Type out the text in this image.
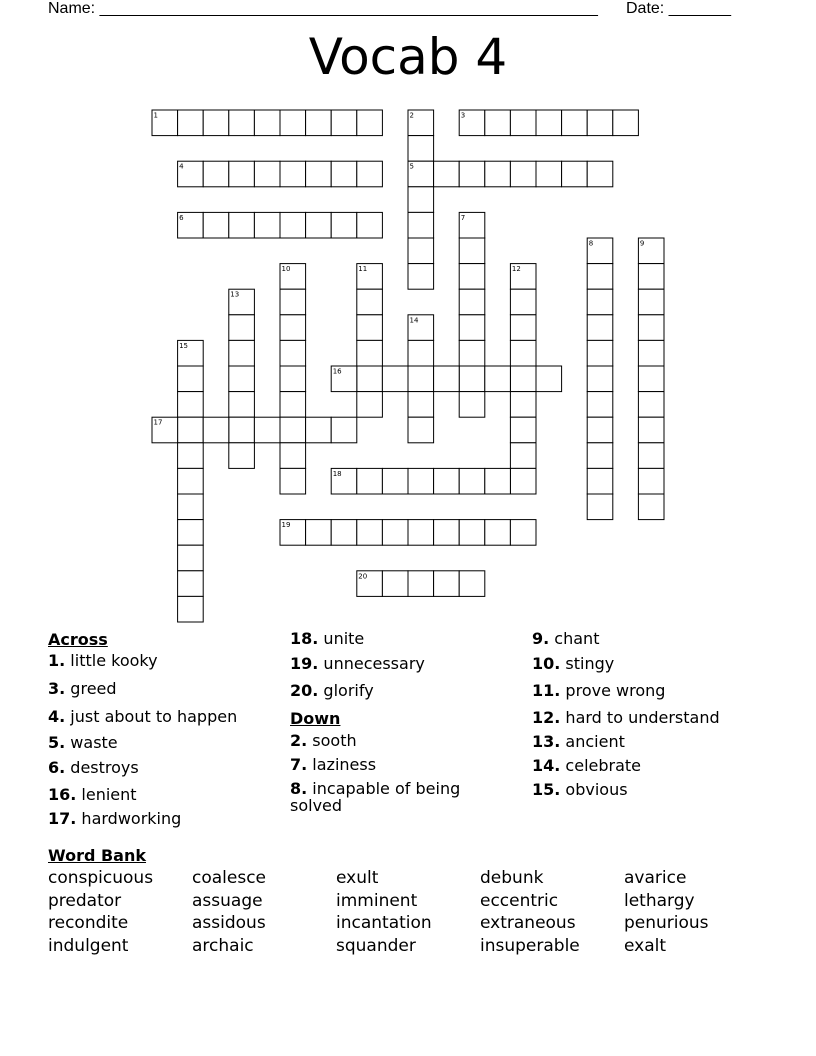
Name: ________________________________________________________ Date: _______
Vocab 4
1	2	3
4	5
6	7
8	9
10	11	12
13
14
15
16
17
18
19
20
Across
1. little kooky
3. greed
4. just about to happen
5. waste
6. destroys
16. lenient
17. hardworking
18. unite
19. unnecessary
20. glorify
Down
2. sooth
7. laziness
8. incapable of being solved
9. chant
10. stingy
11. prove wrong
12. hard to understand
13. ancient
14. celebrate
15. obvious
Word Bank
conspicuous coalesce	exult	debunk	avarice
predator	assuage	imminent	eccentric	lethargy
recondite	assidous	incantation	extraneous	penurious
indulgent	archaic	squander	insuperable	exalt
